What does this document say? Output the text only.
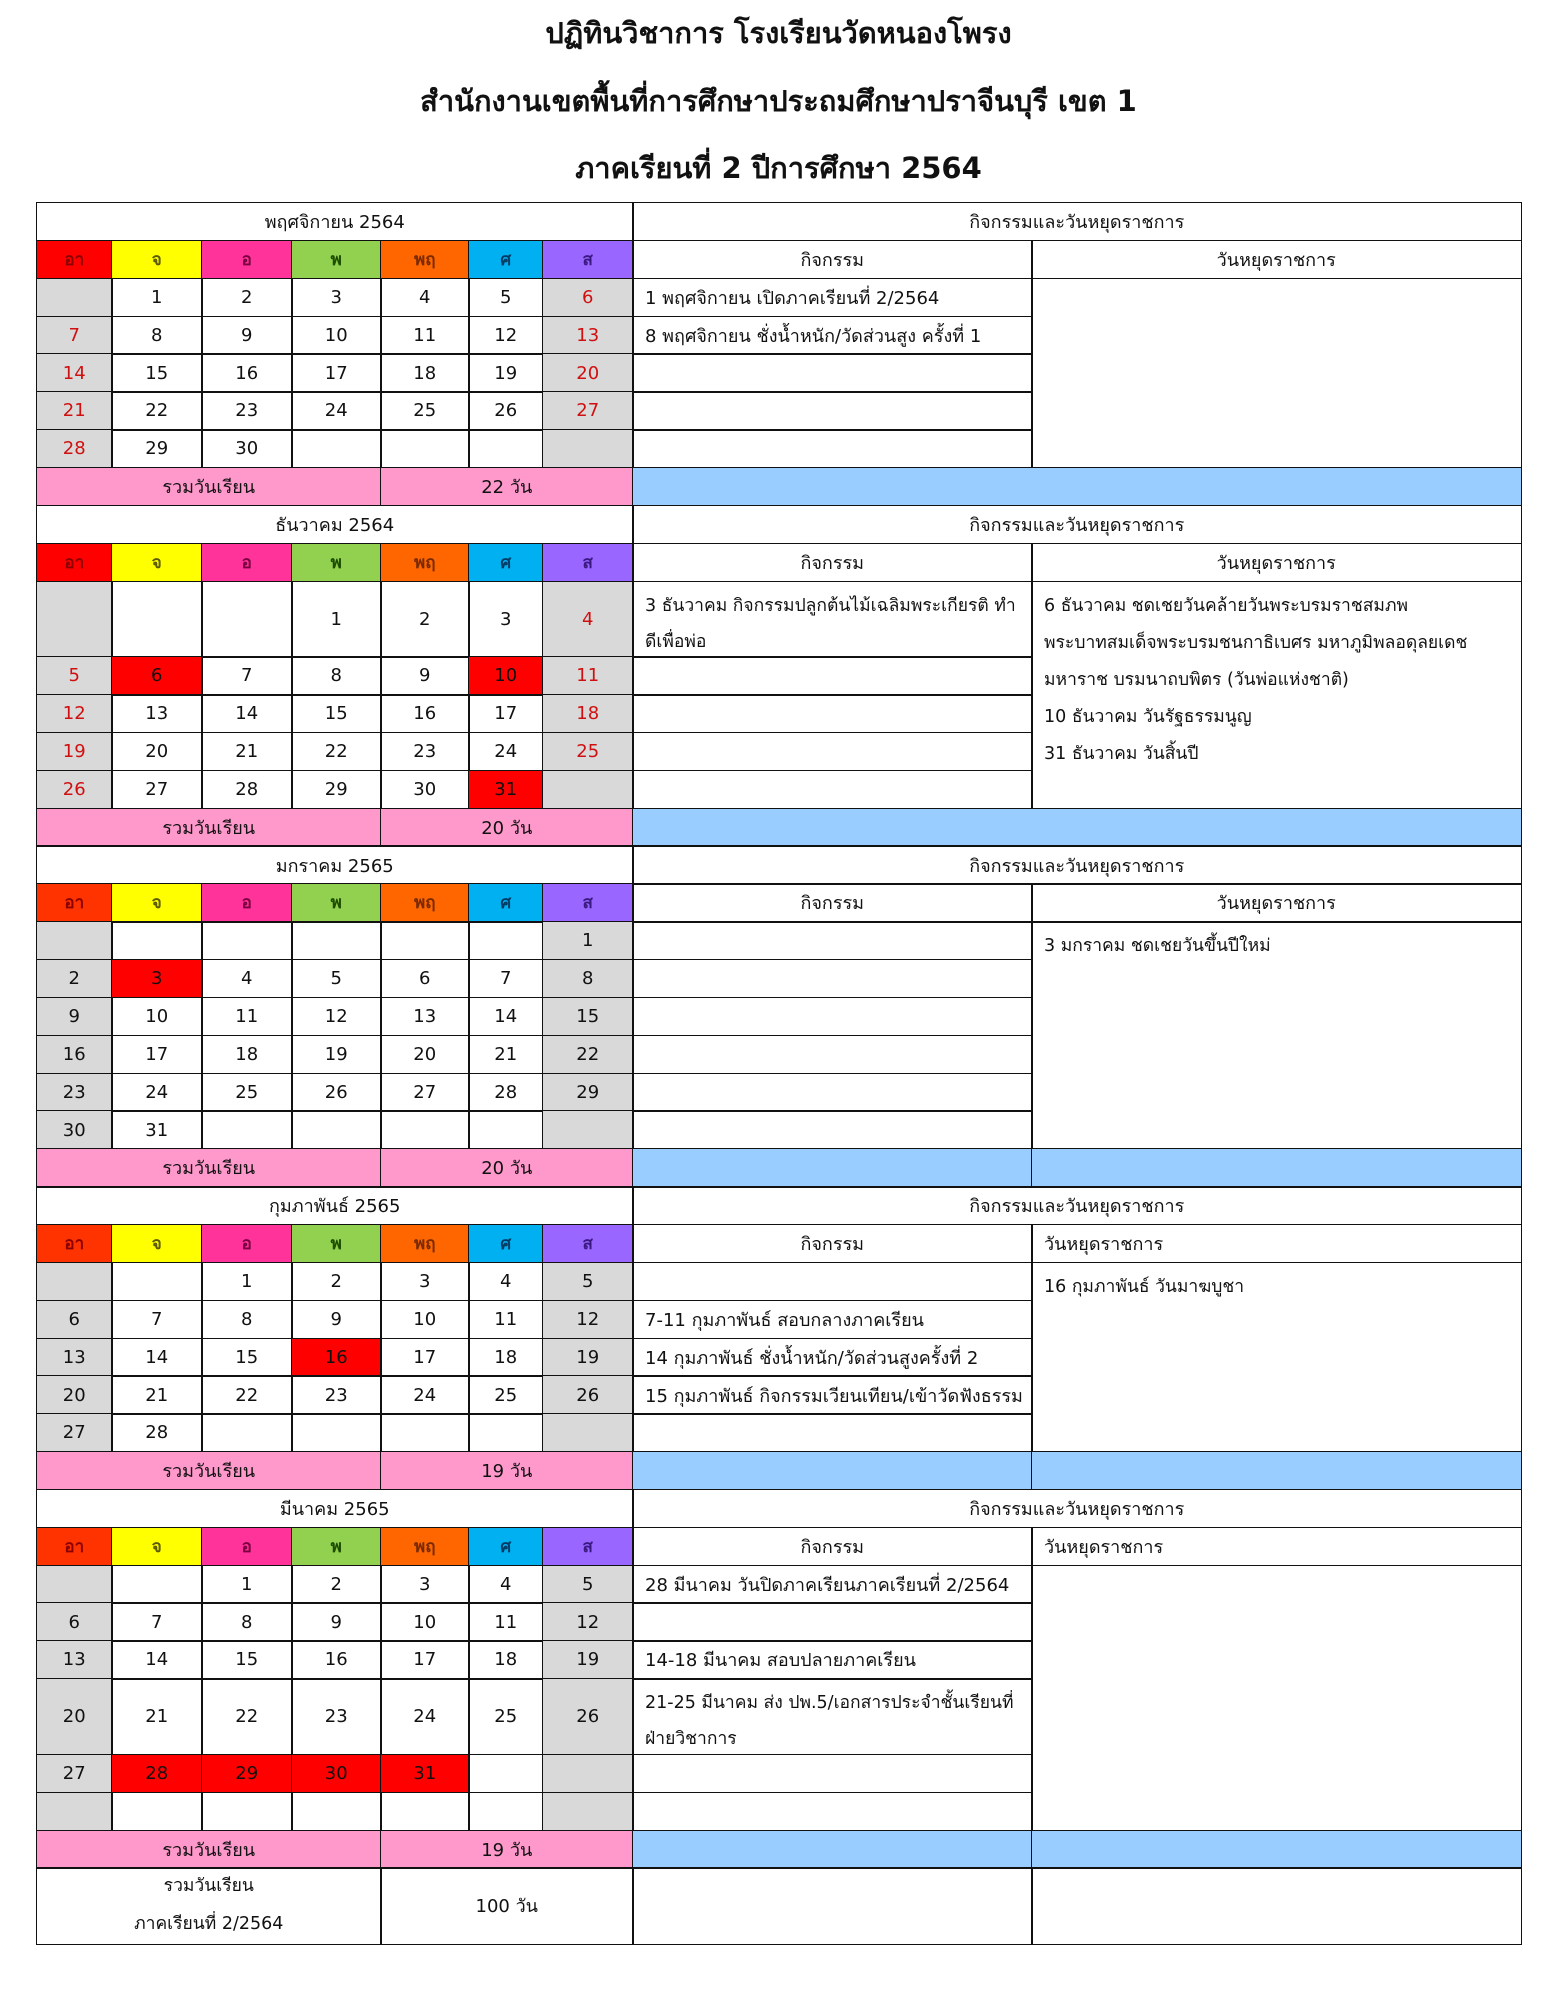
ปฏิทินวิชาการ โรงเรียนวัดหนองโพรง
สำนักงานเขตพื้นที่การศึกษาประถมศึกษาปราจีนบุรี เขต 1
ภาคเรียนที่ 2 ปีการศึกษา 2564
พฤศจิกายน 2564	กิจกรรมและวันหยุดราชการ
อา	จ	อ	พ	พฤ	ศ	ส	กิจกรรม	วันหยุดราชการ
1	2	3	4	5	6	1 พฤศจิกายน เปิดภาคเรียนที่ 2/2564
7	8	9	10	11	12	13	8 พฤศจิกายน ชั่งน้ำหนัก/วัดส่วนสูง ครั้งที่ 1
14	15	16	17	18	19	20
21	22	23	24	25	26	27
28	29	30
รวมวันเรียน	22 วัน
ธันวาคม 2564	กิจกรรมและวันหยุดราชการ
อา	จ	อ	พ	พฤ	ศ	ส	กิจกรรม	วันหยุดราชการ
1	2	3	4
3 ธันวาคม กิจกรรมปลูกต้นไม้เฉลิมพระเกียรติ ทำ
ดีเพื่อพ่อ
5	6	7	8	9	10	11
12	13	14	15	16	17	18
19	20	21	22	23	24	25
26	27	28	29	30	31
6 ธันวาคม ชดเชยวันคล้ายวันพระบรมราชสมภพ
พระบาทสมเด็จพระบรมชนกาธิเบศร มหาภูมิพลอดุลยเดช
มหาราช บรมนาถบพิตร (วันพ่อแห่งชาติ)
10 ธันวาคม วันรัฐธรรมนูญ
31 ธันวาคม วันสิ้นปี
รวมวันเรียน	20 วัน
มกราคม 2565	กิจกรรมและวันหยุดราชการ
อา	จ	อ	พ	พฤ	ศ	ส	กิจกรรม	วันหยุดราชการ
1
2	3	4	5	6	7	8
9	10	11	12	13	14	15
16	17	18	19	20	21	22
23	24	25	26	27	28	29
30	31
3 มกราคม ชดเชยวันขึ้นปีใหม่
รวมวันเรียน	20 วัน
กุมภาพันธ์ 2565	กิจกรรมและวันหยุดราชการ
อา	จ	อ	พ	พฤ	ศ	ส	กิจกรรม	วันหยุดราชการ
1	2	3	4	5
6	7	8	9	10	11	12	7-11 กุมภาพันธ์ สอบกลางภาคเรียน
13	14	15	16	17	18	19	14 กุมภาพันธ์ ชั่งน้ำหนัก/วัดส่วนสูงครั้งที่ 2
20	21	22	23	24	25	26	15 กุมภาพันธ์ กิจกรรมเวียนเทียน/เข้าวัดฟังธรรม
27	28
16 กุมภาพันธ์ วันมาฆบูชา
รวมวันเรียน	19 วัน
มีนาคม 2565	กิจกรรมและวันหยุดราชการ
อา	จ	อ	พ	พฤ	ศ	ส	กิจกรรม	วันหยุดราชการ
1	2	3	4	5	28 มีนาคม วันปิดภาคเรียนภาคเรียนที่ 2/2564
6	7	8	9	10	11	12
13	14	15	16	17	18	19	14-18 มีนาคม สอบปลายภาคเรียน
20	21	22	23	24	25	26
21-25 มีนาคม ส่ง ปพ.5/เอกสารประจำชั้นเรียนที่
ฝ่ายวิชาการ
27	28	29	30	31
รวมวันเรียน	19 วัน
รวมวันเรียน
ภาคเรียนที่ 2/2564
100 วัน
